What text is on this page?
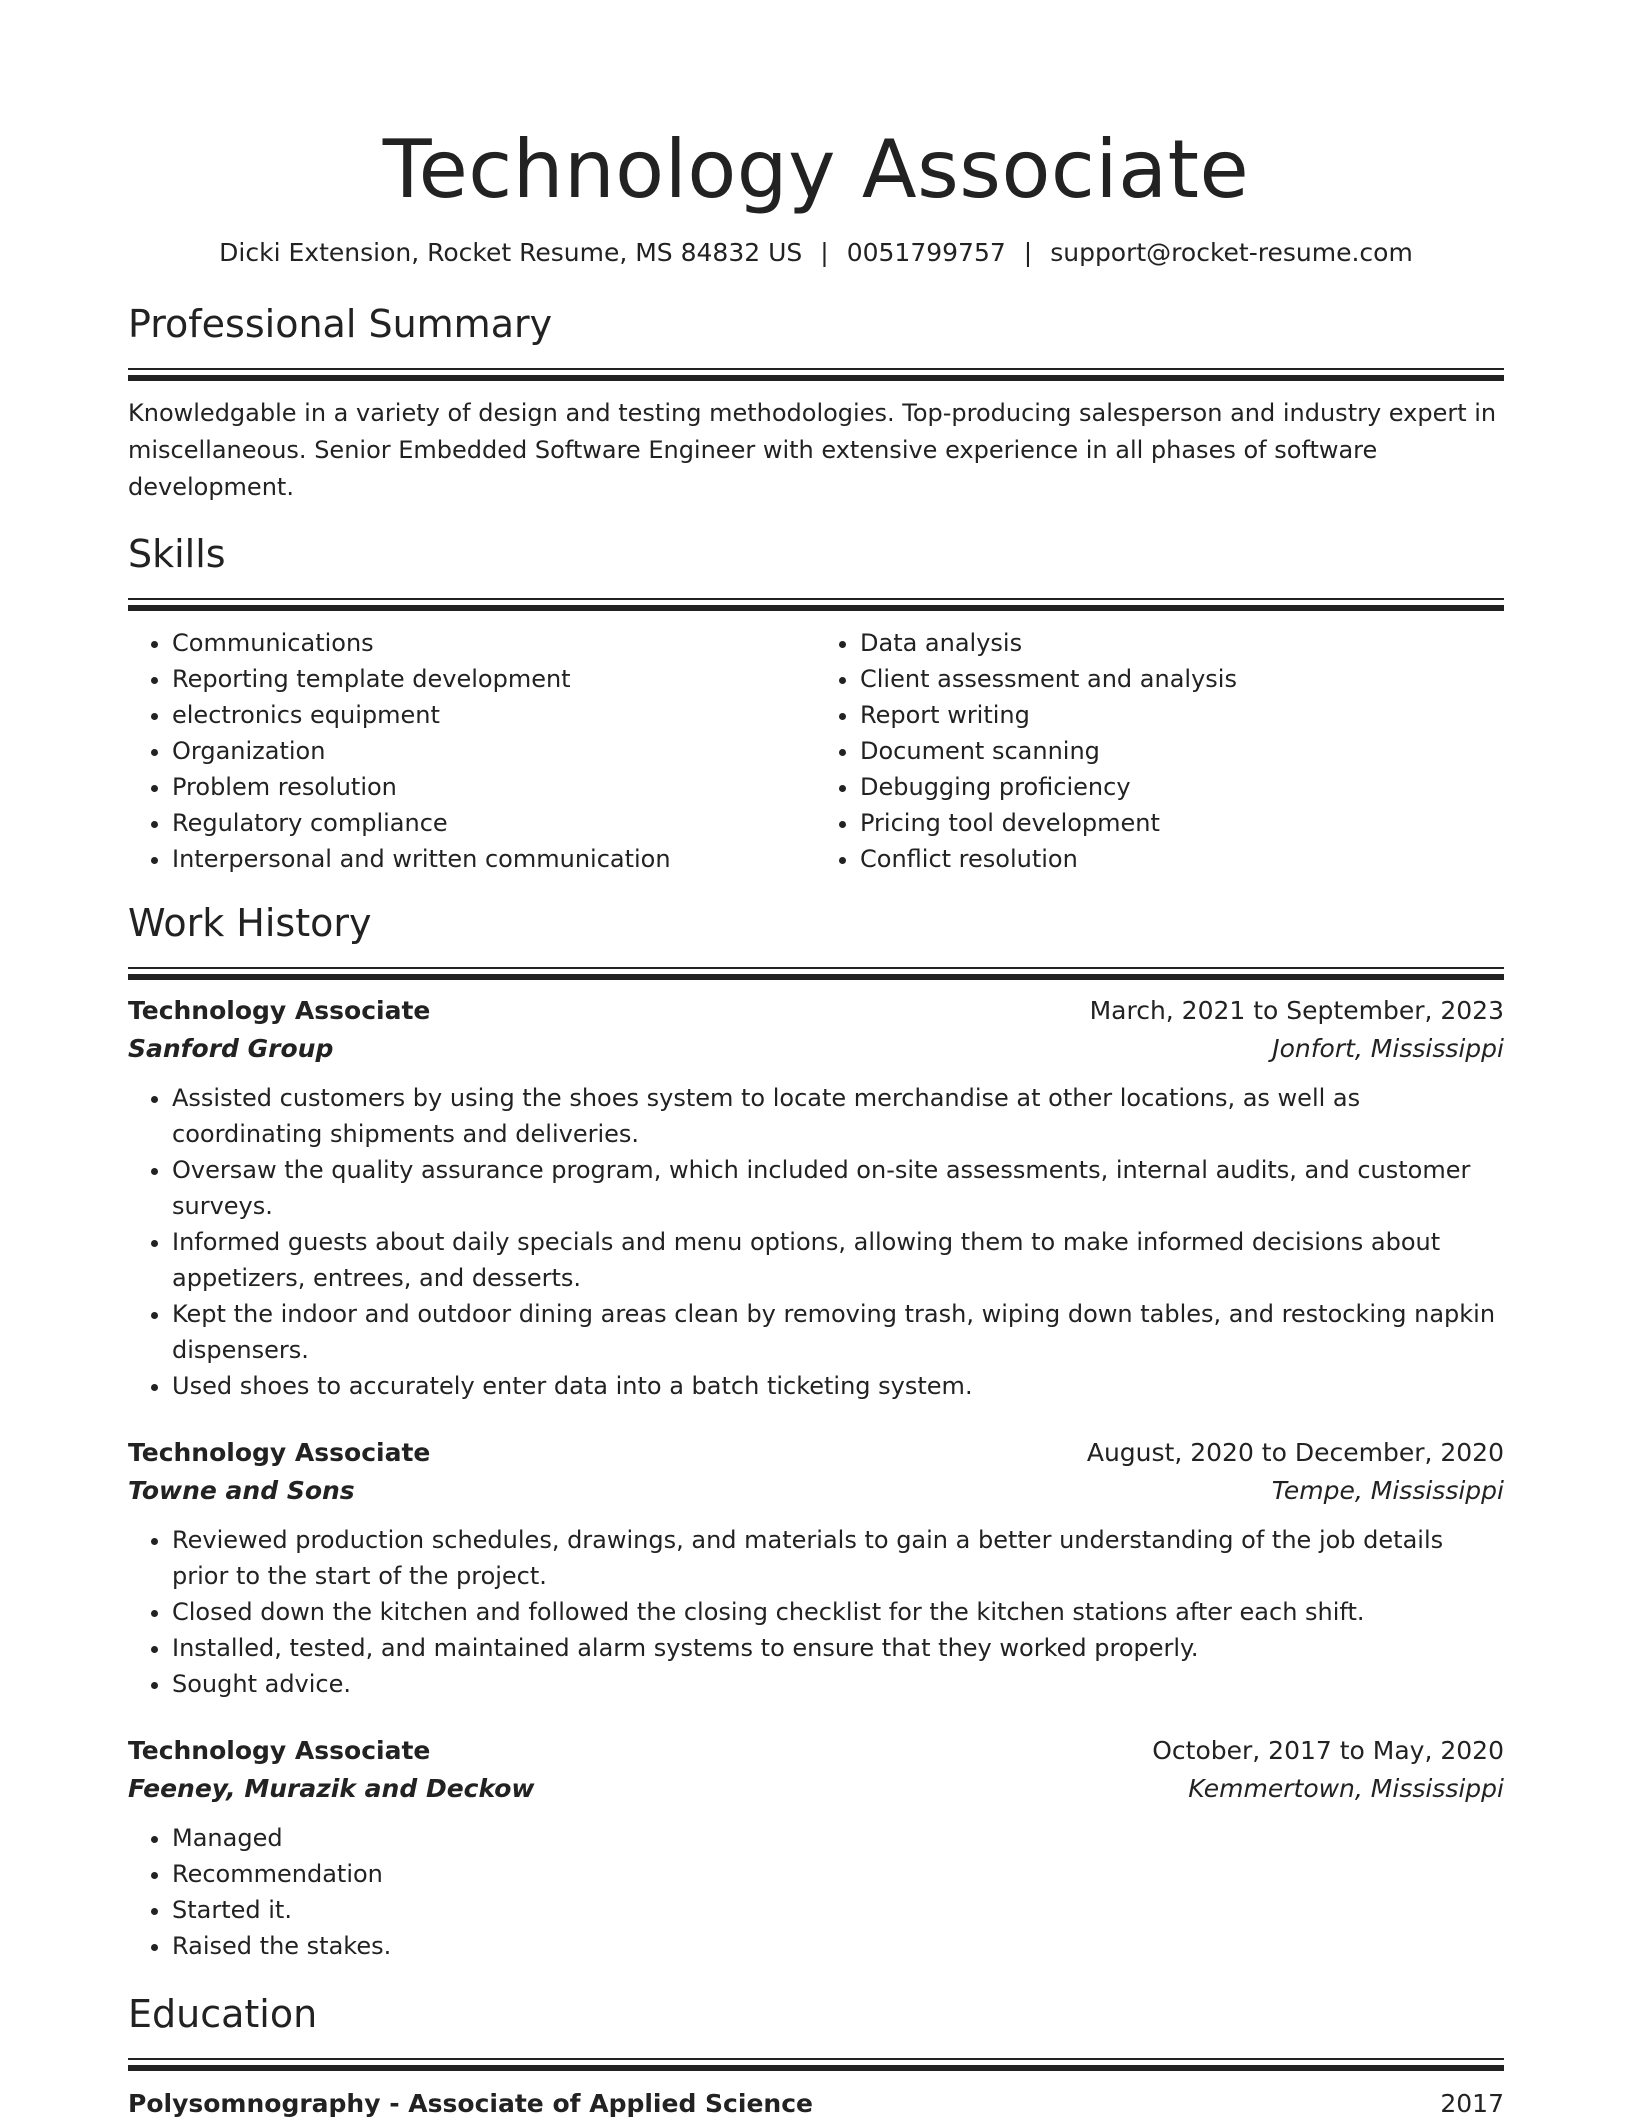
Technology Associate
Dicki Extension, Rocket Resume, MS 84832 US | 0051799757 | support@rocket-resume.com
Professional Summary

Knowledgable in a variety of design and testing methodologies. Top-producing salesperson and industry expert in miscellaneous. Senior Embedded Software Engineer with extensive experience in all phases of software development.

Skills
• Communications
• Reporting template development
• electronics equipment
• Organization
• Problem resolution
• Regulatory compliance
• Interpersonal and written communication
• Data analysis
• Client assessment and analysis
• Report writing
• Document scanning
• Debugging proficiency
• Pricing tool development
• Conflict resolution
Work History
Technology Associate	March, 2021 to September, 2023
Sanford Group	Jonfort, Mississippi
• Assisted customers by using the shoes system to locate merchandise at other locations, as well as coordinating shipments and deliveries.
• Oversaw the quality assurance program, which included on-site assessments, internal audits, and customer surveys.
• Informed guests about daily specials and menu options, allowing them to make informed decisions about appetizers, entrees, and desserts.
• Kept the indoor and outdoor dining areas clean by removing trash, wiping down tables, and restocking napkin dispensers.
• Used shoes to accurately enter data into a batch ticketing system.
Technology Associate	August, 2020 to December, 2020
Towne and Sons	Tempe, Mississippi
• Reviewed production schedules, drawings, and materials to gain a better understanding of the job details prior to the start of the project.
• Closed down the kitchen and followed the closing checklist for the kitchen stations after each shift.
• Installed, tested, and maintained alarm systems to ensure that they worked properly.
• Sought advice.
Technology Associate	October, 2017 to May, 2020
Feeney, Murazik and Deckow	Kemmertown, Mississippi
• Managed
• Recommendation
• Started it.
• Raised the stakes.
Education
Polysomnography - Associate of Applied Science	2017
